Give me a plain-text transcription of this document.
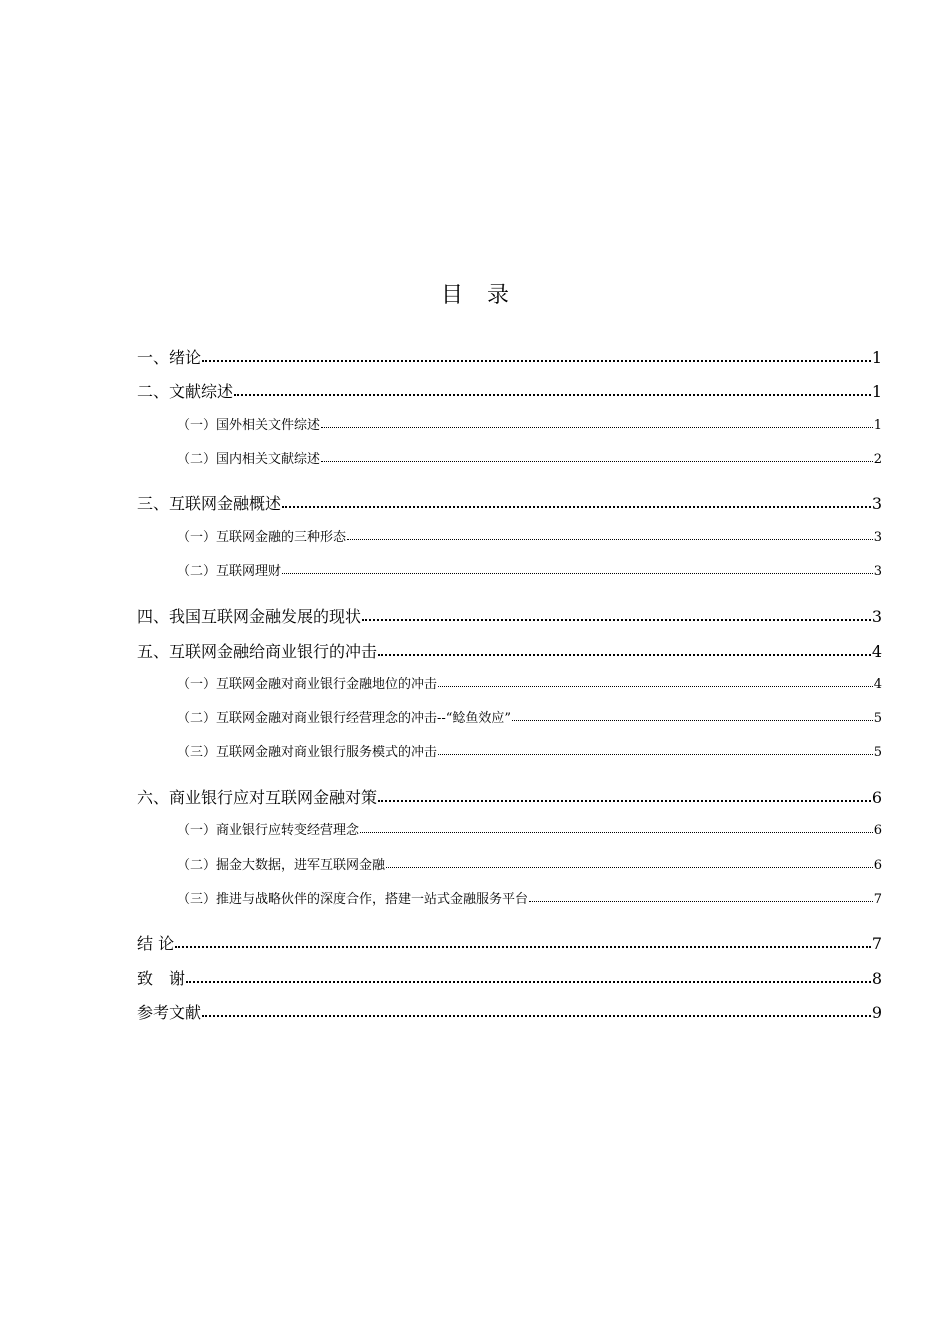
目 录
一、绪论	1
二、文献综述	1
（一）国外相关文件综述	1
（二）国内相关文献综述	2
三、互联网金融概述	3
（一）互联网金融的三种形态	3
（二）互联网理财	3
四、我国互联网金融发展的现状	3
五、互联网金融给商业银行的冲击	4
（一）互联网金融对商业银行金融地位的冲击	4
（二）互联网金融对商业银行经营理念的冲击--“鲶鱼效应”	5
（三）互联网金融对商业银行服务模式的冲击	5
六、商业银行应对互联网金融对策	6
（一）商业银行应转变经营理念	6
（二）掘金大数据，进军互联网金融	6
（三）推进与战略伙伴的深度合作，搭建一站式金融服务平台	7
结 论	7
致　谢	8
参考文献	9
